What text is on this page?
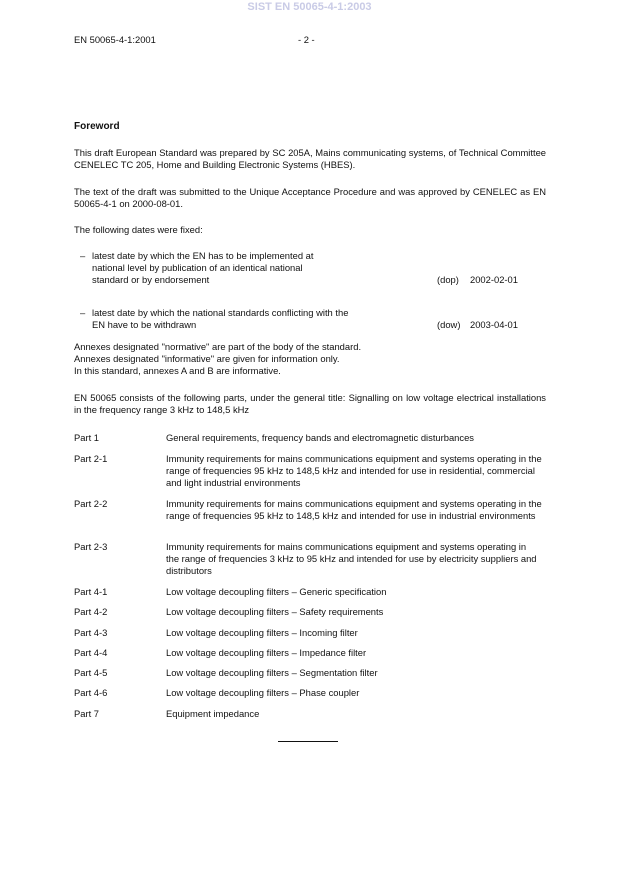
SIST EN 50065-4-1:2003
EN 50065-4-1:2001	- 2 -
Foreword
This draft European Standard was prepared by SC 205A, Mains communicating systems, of Technical Committee CENELEC TC 205, Home and Building Electronic Systems (HBES).
The text of the draft was submitted to the Unique Acceptance Procedure and was approved by CENELEC as EN 50065-4-1 on 2000-08-01.
The following dates were fixed:
– latest date by which the EN has to be implemented at national level by publication of an identical national standard or by endorsement	(dop) 2002-02-01
– latest date by which the national standards conflicting with the EN have to be withdrawn	(dow) 2003-04-01
Annexes designated "normative" are part of the body of the standard.
Annexes designated "informative" are given for information only.
In this standard, annexes A and B are informative.
EN 50065 consists of the following parts, under the general title: Signalling on low voltage electrical installations in the frequency range 3 kHz to 148,5 kHz
Part 1	General requirements, frequency bands and electromagnetic disturbances
Part 2-1	Immunity requirements for mains communications equipment and systems operating in the range of frequencies 95 kHz to 148,5 kHz and intended for use in residential, commercial and light industrial environments
Part 2-2	Immunity requirements for mains communications equipment and systems operating in the range of frequencies 95 kHz to 148,5 kHz and intended for use in industrial environments
Part 2-3	Immunity requirements for mains communications equipment and systems operating in the range of frequencies 3 kHz to 95 kHz and intended for use by electricity suppliers and distributors
Part 4-1	Low voltage decoupling filters – Generic specification
Part 4-2	Low voltage decoupling filters – Safety requirements
Part 4-3	Low voltage decoupling filters – Incoming filter
Part 4-4	Low voltage decoupling filters – Impedance filter
Part 4-5	Low voltage decoupling filters – Segmentation filter
Part 4-6	Low voltage decoupling filters – Phase coupler
Part 7	Equipment impedance
